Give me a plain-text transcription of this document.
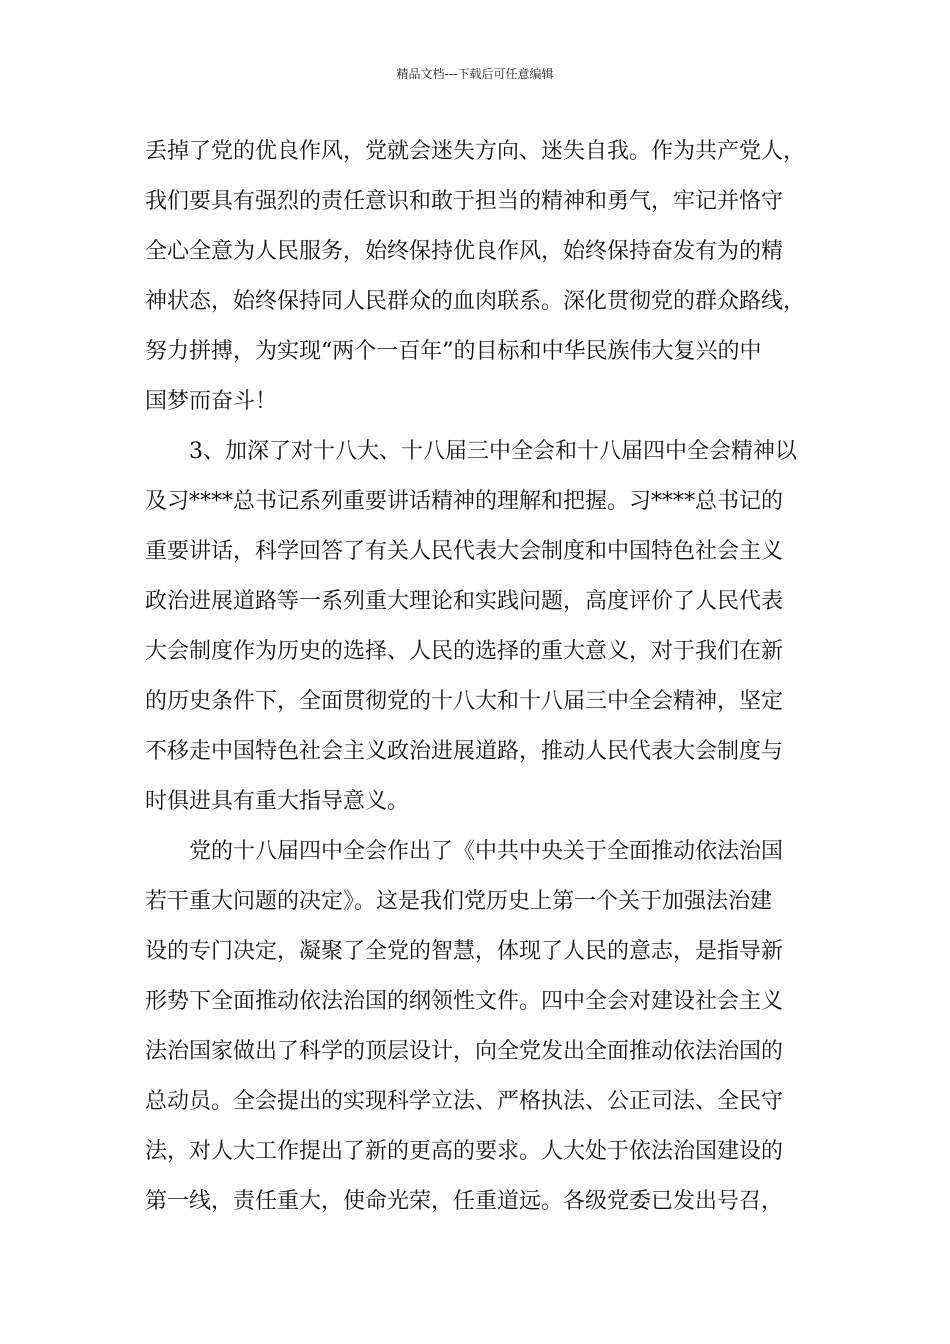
精品文档---下载后可任意编辑
丢掉了党的优良作风，党就会迷失方向、迷失自我。作为共产党人，
我们要具有强烈的责任意识和敢于担当的精神和勇气，牢记并恪守
全心全意为人民服务，始终保持优良作风，始终保持奋发有为的精
神状态，始终保持同人民群众的血肉联系。深化贯彻党的群众路线，
努力拼搏，为实现“两个一百年”的目标和中华民族伟大复兴的中
国梦而奋斗！
3、加深了对十八大、十八届三中全会和十八届四中全会精神以
及习****总书记系列重要讲话精神的理解和把握。习****总书记的
重要讲话，科学回答了有关人民代表大会制度和中国特色社会主义
政治进展道路等一系列重大理论和实践问题，高度评价了人民代表
大会制度作为历史的选择、人民的选择的重大意义，对于我们在新
的历史条件下，全面贯彻党的十八大和十八届三中全会精神，坚定
不移走中国特色社会主义政治进展道路，推动人民代表大会制度与
时俱进具有重大指导意义。
党的十八届四中全会作出了《中共中央关于全面推动依法治国
若干重大问题的决定》。这是我们党历史上第一个关于加强法治建
设的专门决定，凝聚了全党的智慧，体现了人民的意志，是指导新
形势下全面推动依法治国的纲领性文件。四中全会对建设社会主义
法治国家做出了科学的顶层设计，向全党发出全面推动依法治国的
总动员。全会提出的实现科学立法、严格执法、公正司法、全民守
法，对人大工作提出了新的更高的要求。人大处于依法治国建设的
第一线，责任重大，使命光荣，任重道远。各级党委已发出号召，
